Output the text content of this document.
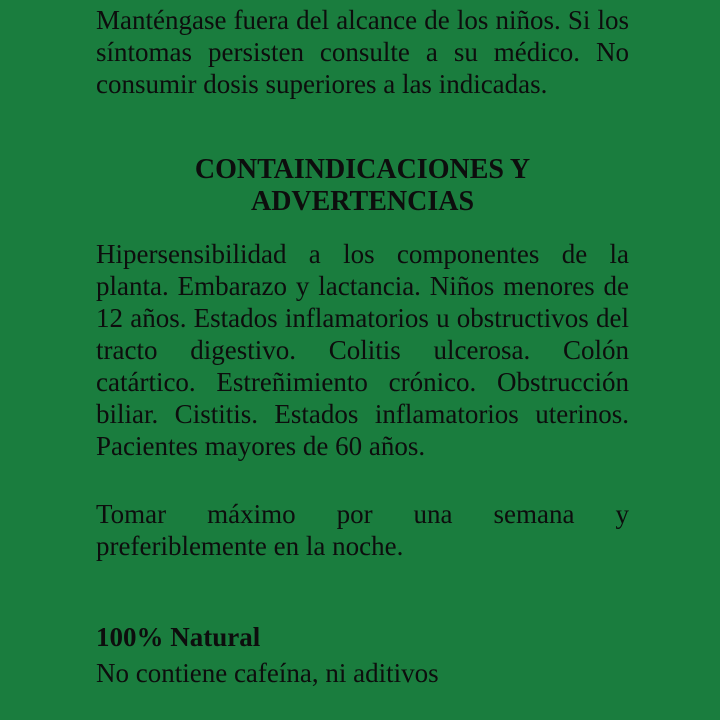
Manténgase fuera del alcance de los niños. Si los síntomas persisten consulte a su médico. No consumir dosis superiores a las indicadas.

CONTAINDICACIONES Y
ADVERTENCIAS

Hipersensibilidad a los componentes de la planta. Embarazo y lactancia. Niños menores de 12 años. Estados inflamatorios u obstructivos del tracto digestivo. Colitis ulcerosa. Colón catártico. Estreñimiento crónico. Obstrucción biliar. Cistitis. Estados inflamatorios uterinos. Pacientes mayores de 60 años.

Tomar máximo por una semana y preferiblemente en la noche.

100% Natural

No contiene cafeína, ni aditivos
